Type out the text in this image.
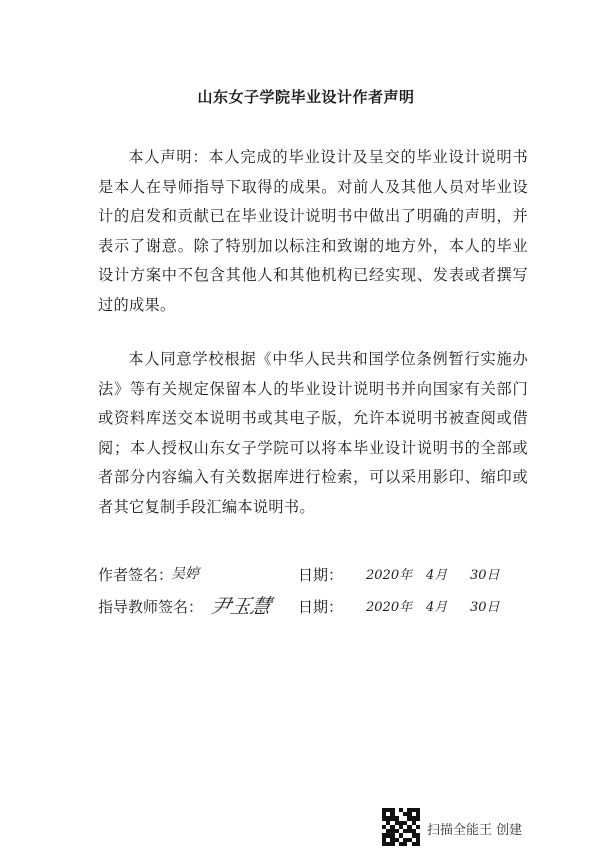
山东女子学院毕业设计作者声明

本人声明：本人完成的毕业设计及呈交的毕业设计说明书是本人在导师指导下取得的成果。对前人及其他人员对毕业设计的启发和贡献已在毕业设计说明书中做出了明确的声明，并表示了谢意。除了特别加以标注和致谢的地方外，本人的毕业设计方案中不包含其他人和其他机构已经实现、发表或者撰写过的成果。

本人同意学校根据《中华人民共和国学位条例暂行实施办法》等有关规定保留本人的毕业设计说明书并向国家有关部门或资料库送交本说明书或其电子版，允许本说明书被查阅或借阅；本人授权山东女子学院可以将本毕业设计说明书的全部或者部分内容编入有关数据库进行检索，可以采用影印、缩印或者其它复制手段汇编本说明书。

作者签名：
吴婷	日期： 2020年 4月 30日
指导教师签名： 尹玉慧 日期： 2020年 4月 30日
扫描全能王 创建
